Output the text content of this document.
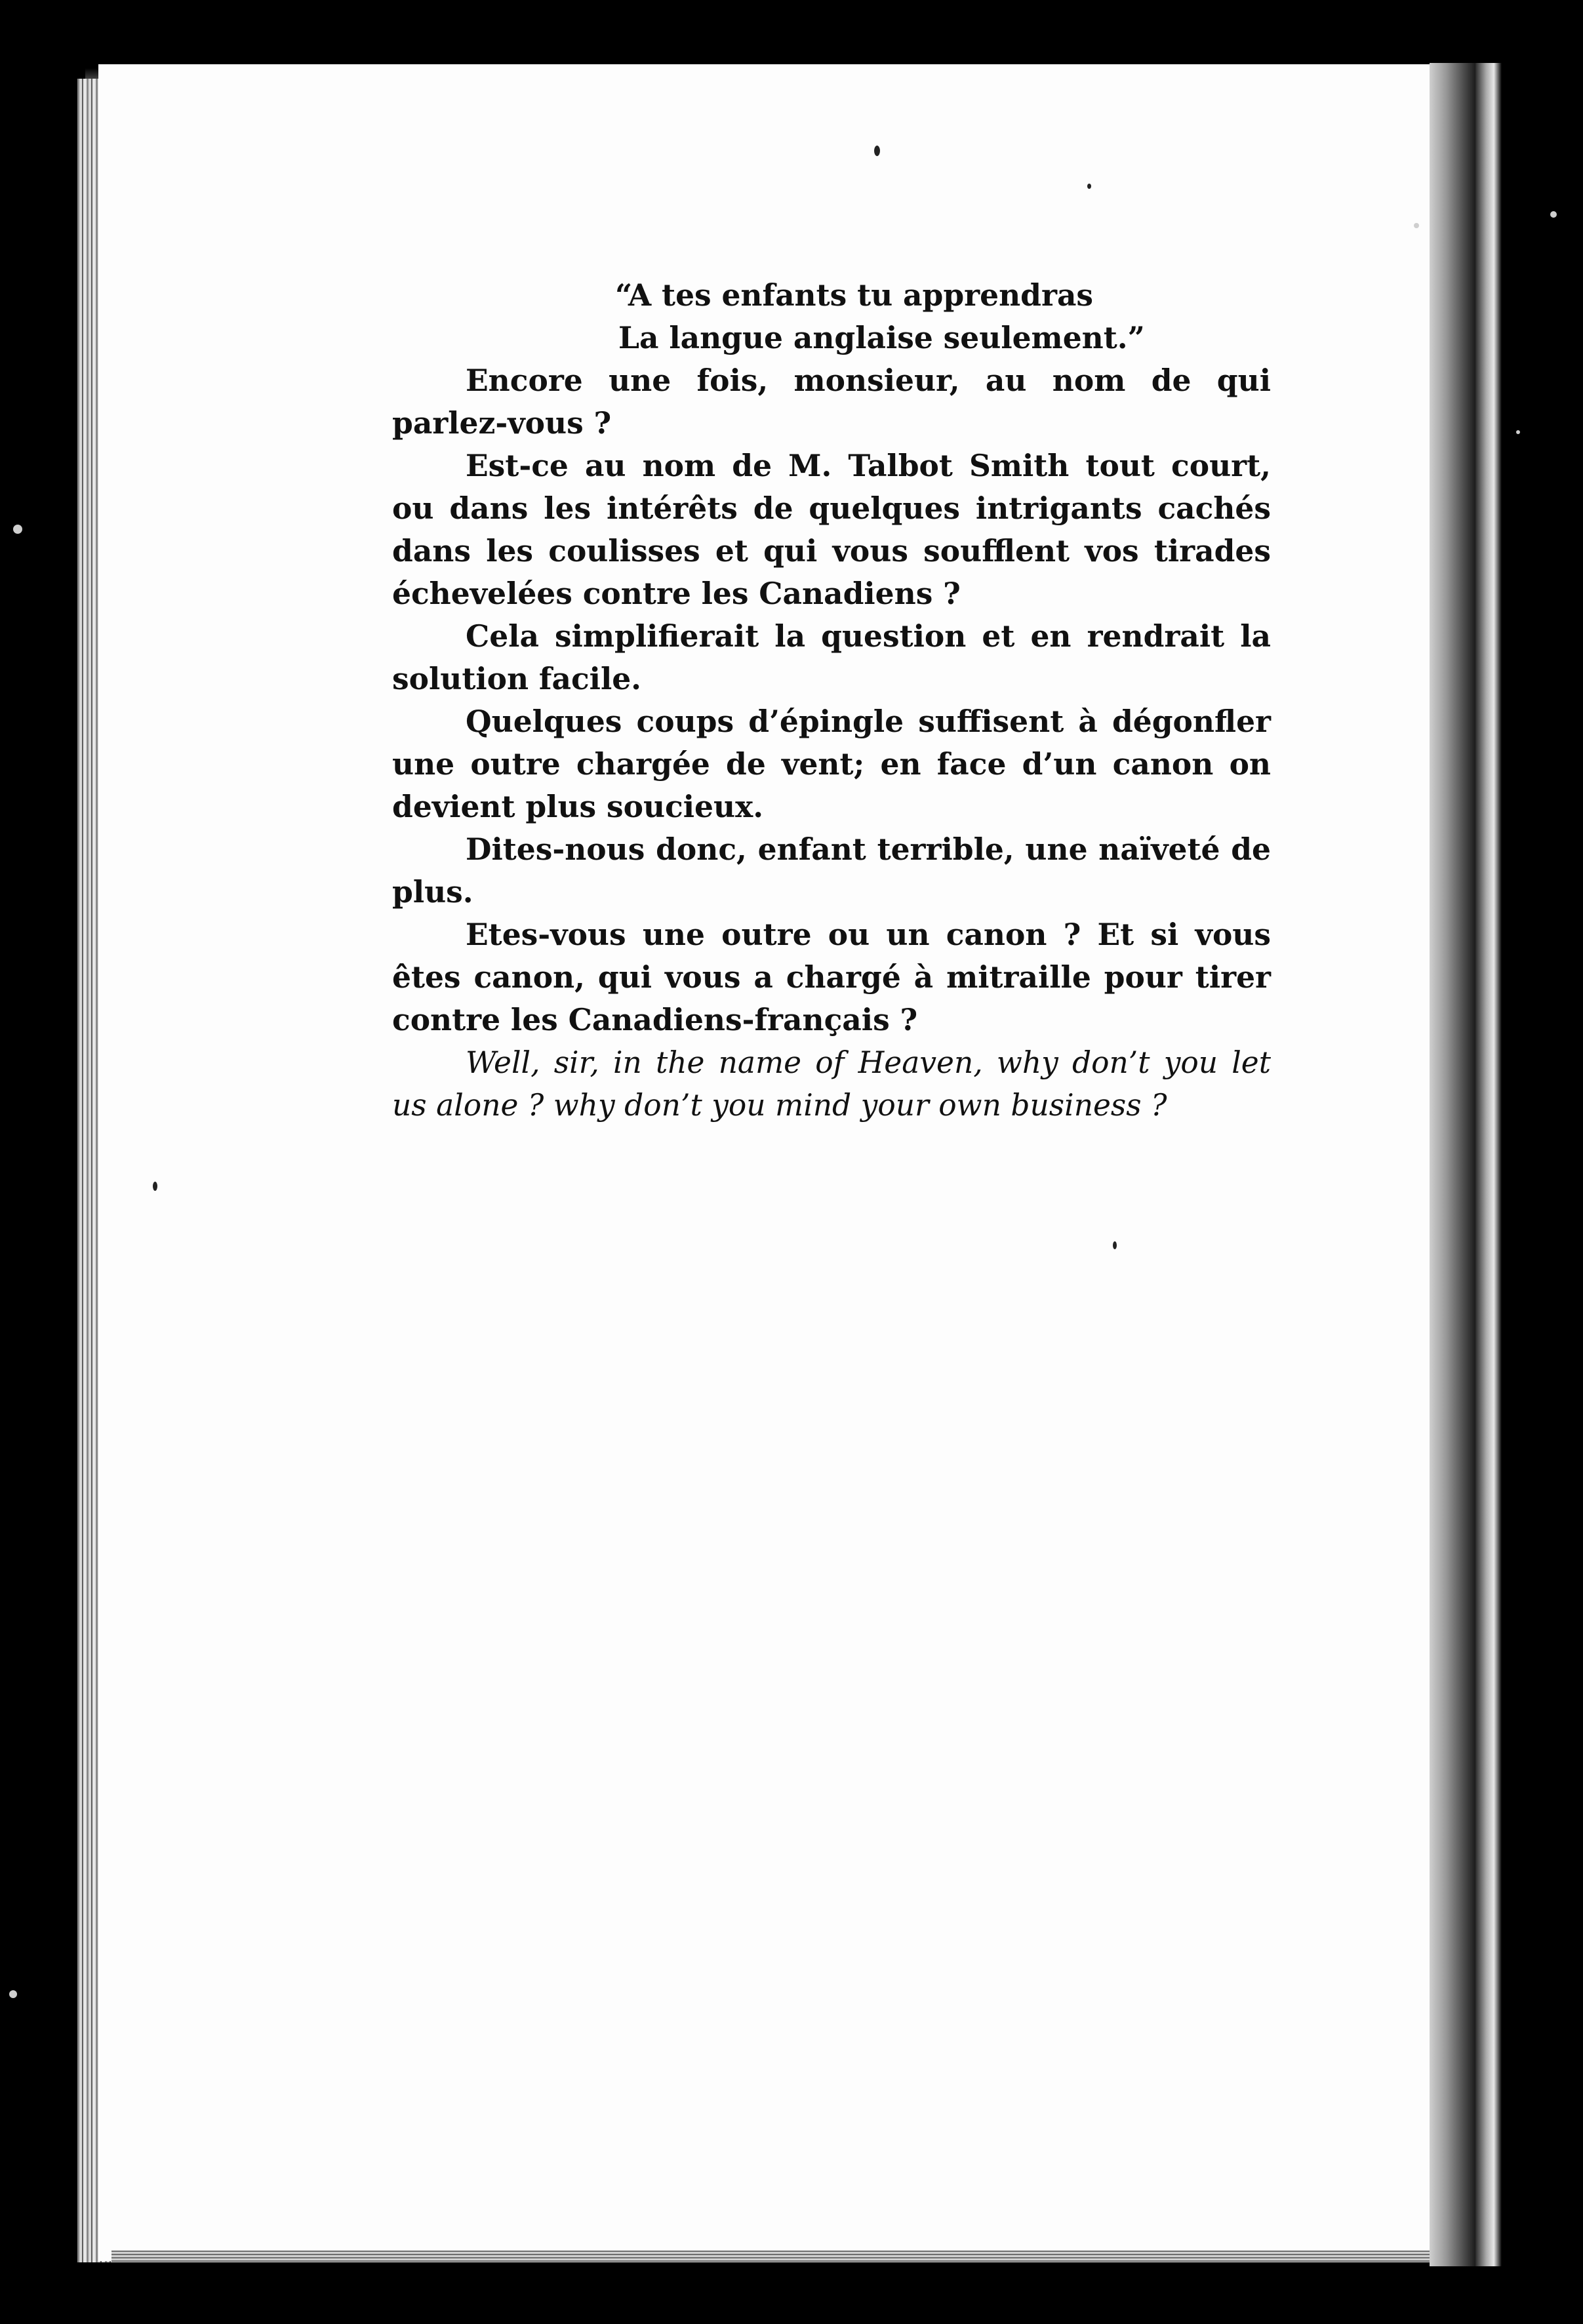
“A tes enfants tu apprendras

La langue anglaise seulement.”

Encore une fois, monsieur, au nom de qui parlez-vous ?

Est-ce au nom de M. Talbot Smith tout court, ou dans les intérêts de quelques intrigants cachés dans les coulisses et qui vous soufflent vos tirades échevelées contre les Canadiens ?

Cela simplifierait la question et en rendrait la solution facile.

Quelques coups d’épingle suffisent à dégonfler une outre chargée de vent; en face d’un canon on devient plus soucieux.

Dites-nous donc, enfant terrible, une naïveté de plus.

Etes-vous une outre ou un canon ? Et si vous êtes canon, qui vous a chargé à mitraille pour tirer contre les Canadiens-français ?

Well, sir, in the name of Heaven, why don’t you let us alone ? why don’t you mind your own business ?
